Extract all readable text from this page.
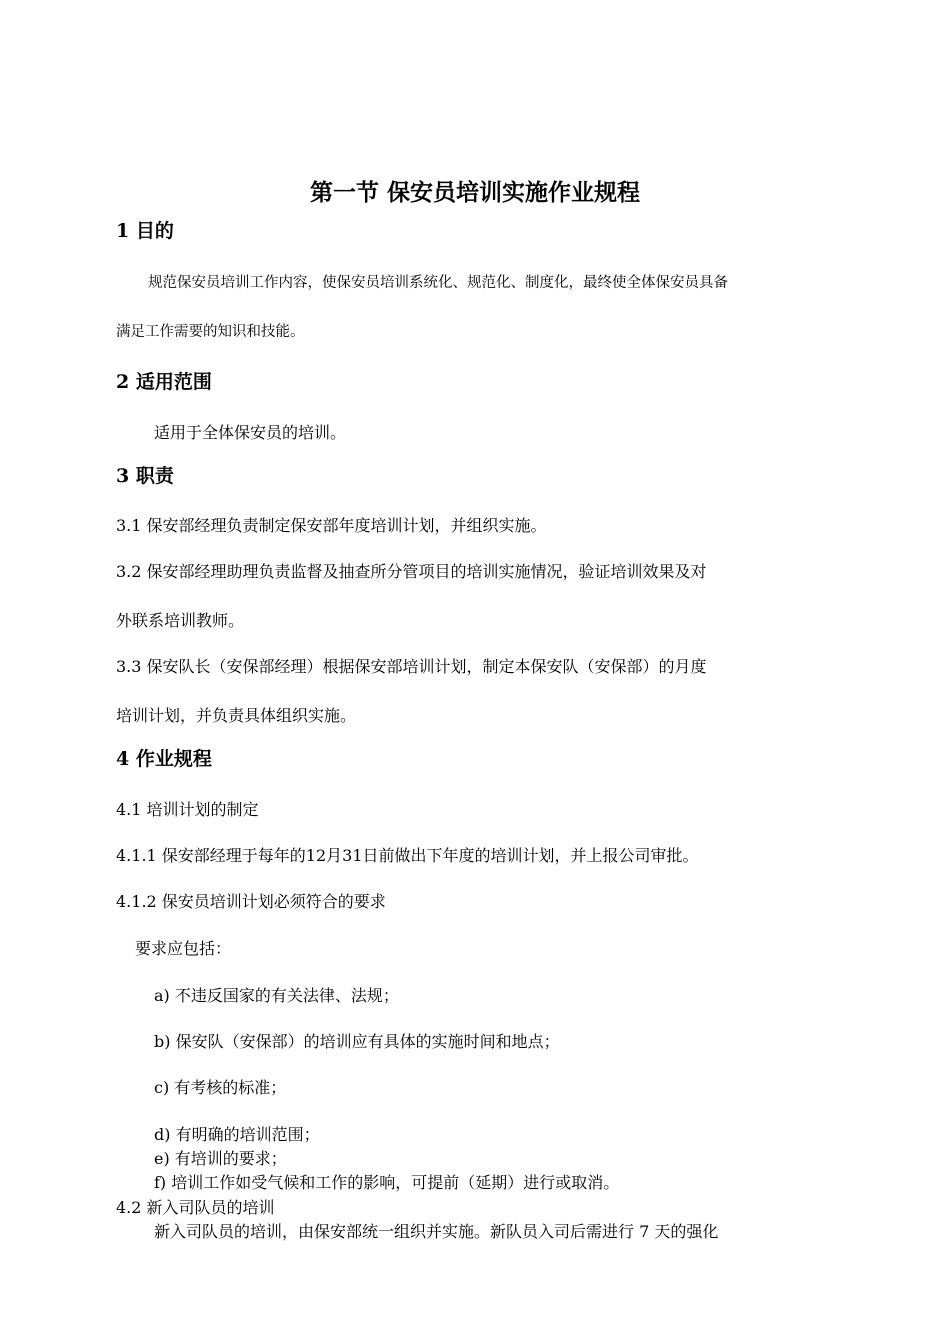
第一节 保安员培训实施作业规程
1 目的

规范保安员培训工作内容，使保安员培训系统化、规范化、制度化，最终使全体保安员具备

满足工作需要的知识和技能。

2 适用范围

适用于全体保安员的培训。

3 职责

3.1 保安部经理负责制定保安部年度培训计划，并组织实施。

3.2 保安部经理助理负责监督及抽查所分管项目的培训实施情况，验证培训效果及对

外联系培训教师。

3.3 保安队长（安保部经理）根据保安部培训计划，制定本保安队（安保部）的月度

培训计划，并负责具体组织实施。

4 作业规程

4.1 培训计划的制定

4.1.1 保安部经理于每年的12月31日前做出下年度的培训计划，并上报公司审批。

4.1.2 保安员培训计划必须符合的要求

要求应包括：

a) 不违反国家的有关法律、法规；

b) 保安队（安保部）的培训应有具体的实施时间和地点；

c) 有考核的标准；

d) 有明确的培训范围；

e) 有培训的要求；

f) 培训工作如受气候和工作的影响，可提前（延期）进行或取消。

4.2 新入司队员的培训

新入司队员的培训，由保安部统一组织并实施。新队员入司后需进行 7 天的强化
